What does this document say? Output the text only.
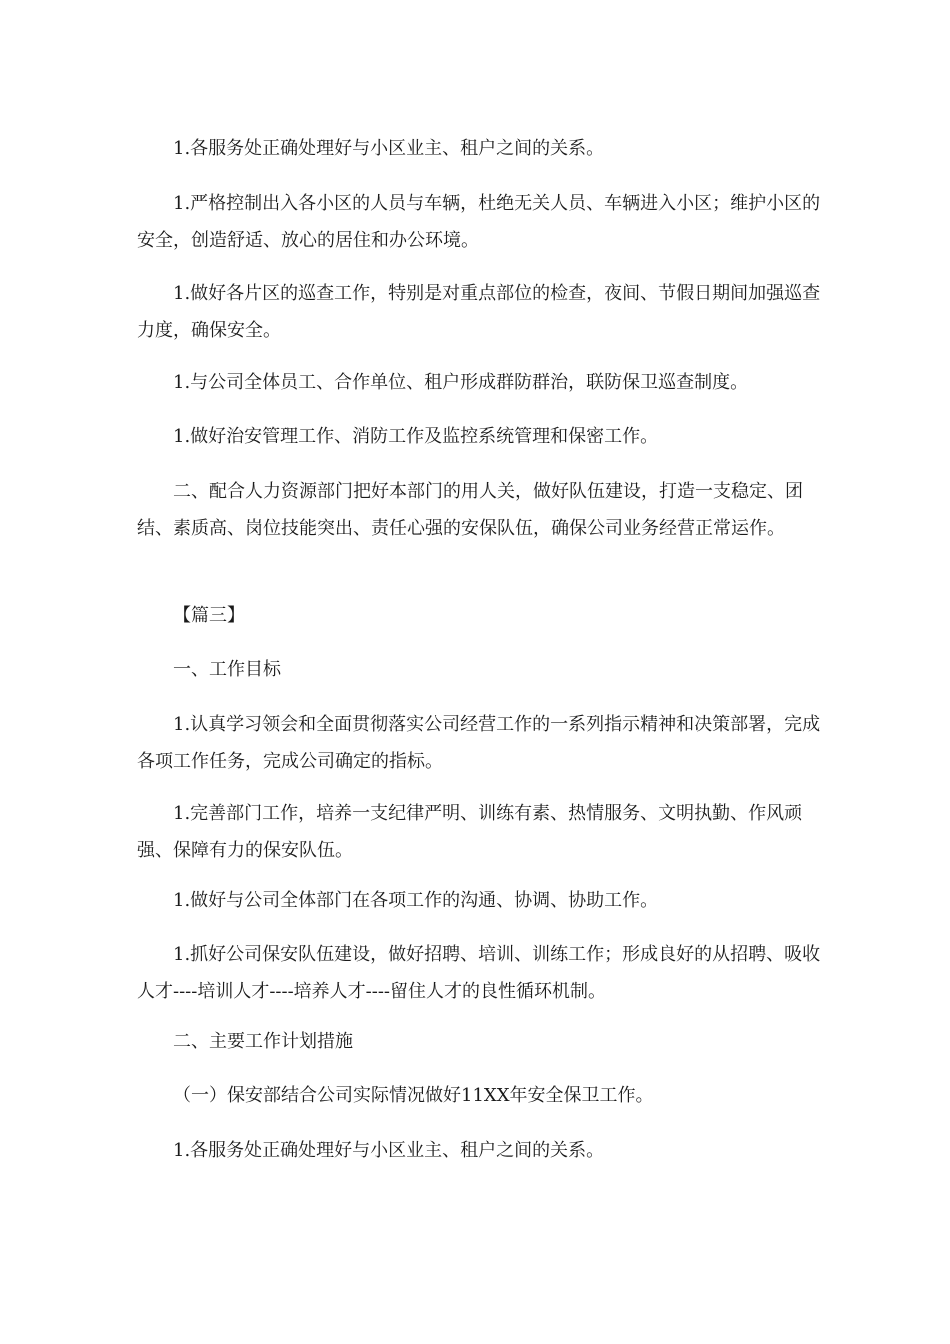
1.各服务处正确处理好与小区业主、租户之间的关系。

1.严格控制出入各小区的人员与车辆，杜绝无关人员、车辆进入小区；维护小区的安全，创造舒适、放心的居住和办公环境。

1.做好各片区的巡查工作，特别是对重点部位的检查，夜间、节假日期间加强巡查力度，确保安全。

1.与公司全体员工、合作单位、租户形成群防群治，联防保卫巡查制度。

1.做好治安管理工作、消防工作及监控系统管理和保密工作。

二、配合人力资源部门把好本部门的用人关，做好队伍建设，打造一支稳定、团结、素质高、岗位技能突出、责任心强的安保队伍，确保公司业务经营正常运作。

【篇三】

一、工作目标

1.认真学习领会和全面贯彻落实公司经营工作的一系列指示精神和决策部署，完成各项工作任务，完成公司确定的指标。

1.完善部门工作，培养一支纪律严明、训练有素、热情服务、文明执勤、作风顽强、保障有力的保安队伍。

1.做好与公司全体部门在各项工作的沟通、协调、协助工作。

1.抓好公司保安队伍建设，做好招聘、培训、训练工作；形成良好的从招聘、吸收人才----培训人才----培养人才----留住人才的良性循环机制。

二、主要工作计划措施

（一）保安部结合公司实际情况做好11XX年安全保卫工作。

1.各服务处正确处理好与小区业主、租户之间的关系。
